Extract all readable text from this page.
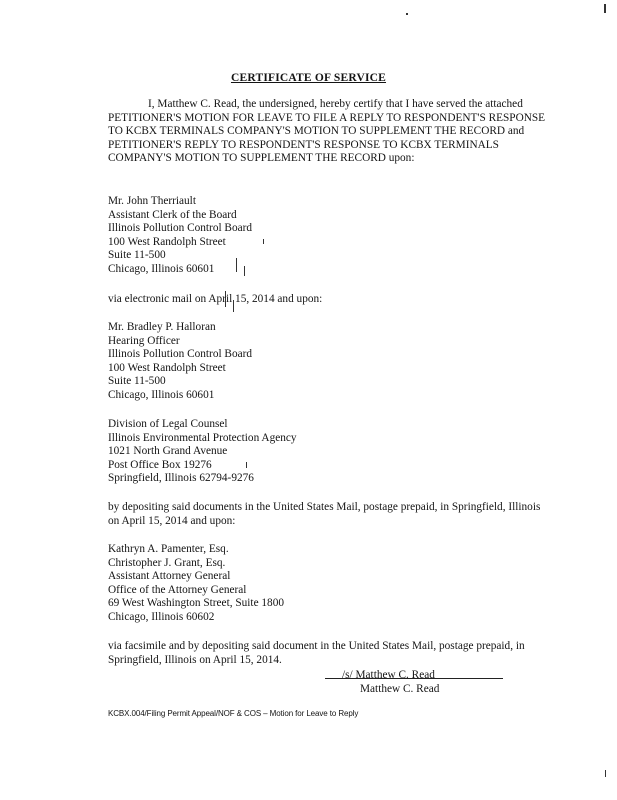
CERTIFICATE OF SERVICE

I, Matthew C. Read, the undersigned, hereby certify that I have served the attached PETITIONER'S MOTION FOR LEAVE TO FILE A REPLY TO RESPONDENT'S RESPONSE TO KCBX TERMINALS COMPANY'S MOTION TO SUPPLEMENT THE RECORD and PETITIONER'S REPLY TO RESPONDENT'S RESPONSE TO KCBX TERMINALS COMPANY'S MOTION TO SUPPLEMENT THE RECORD upon:

Mr. John Therriault
Assistant Clerk of the Board
Illinois Pollution Control Board
100 West Randolph Street
Suite 11-500
Chicago, Illinois 60601
via electronic mail on April 15, 2014 and upon:
Mr. Bradley P. Halloran
Hearing Officer
Illinois Pollution Control Board
100 West Randolph Street
Suite 11-500
Chicago, Illinois 60601
Division of Legal Counsel
Illinois Environmental Protection Agency
1021 North Grand Avenue
Post Office Box 19276
Springfield, Illinois 62794-9276

by depositing said documents in the United States Mail, postage prepaid, in Springfield, Illinois on April 15, 2014 and upon:

Kathryn A. Pamenter, Esq.
Christopher J. Grant, Esq.
Assistant Attorney General
Office of the Attorney General
69 West Washington Street, Suite 1800
Chicago, Illinois 60602

via facsimile and by depositing said document in the United States Mail, postage prepaid, in Springfield, Illinois on April 15, 2014.

/s/ Matthew C. Read
Matthew C. Read
KCBX.004/Filing Permit Appeal/NOF & COS – Motion for Leave to Reply
